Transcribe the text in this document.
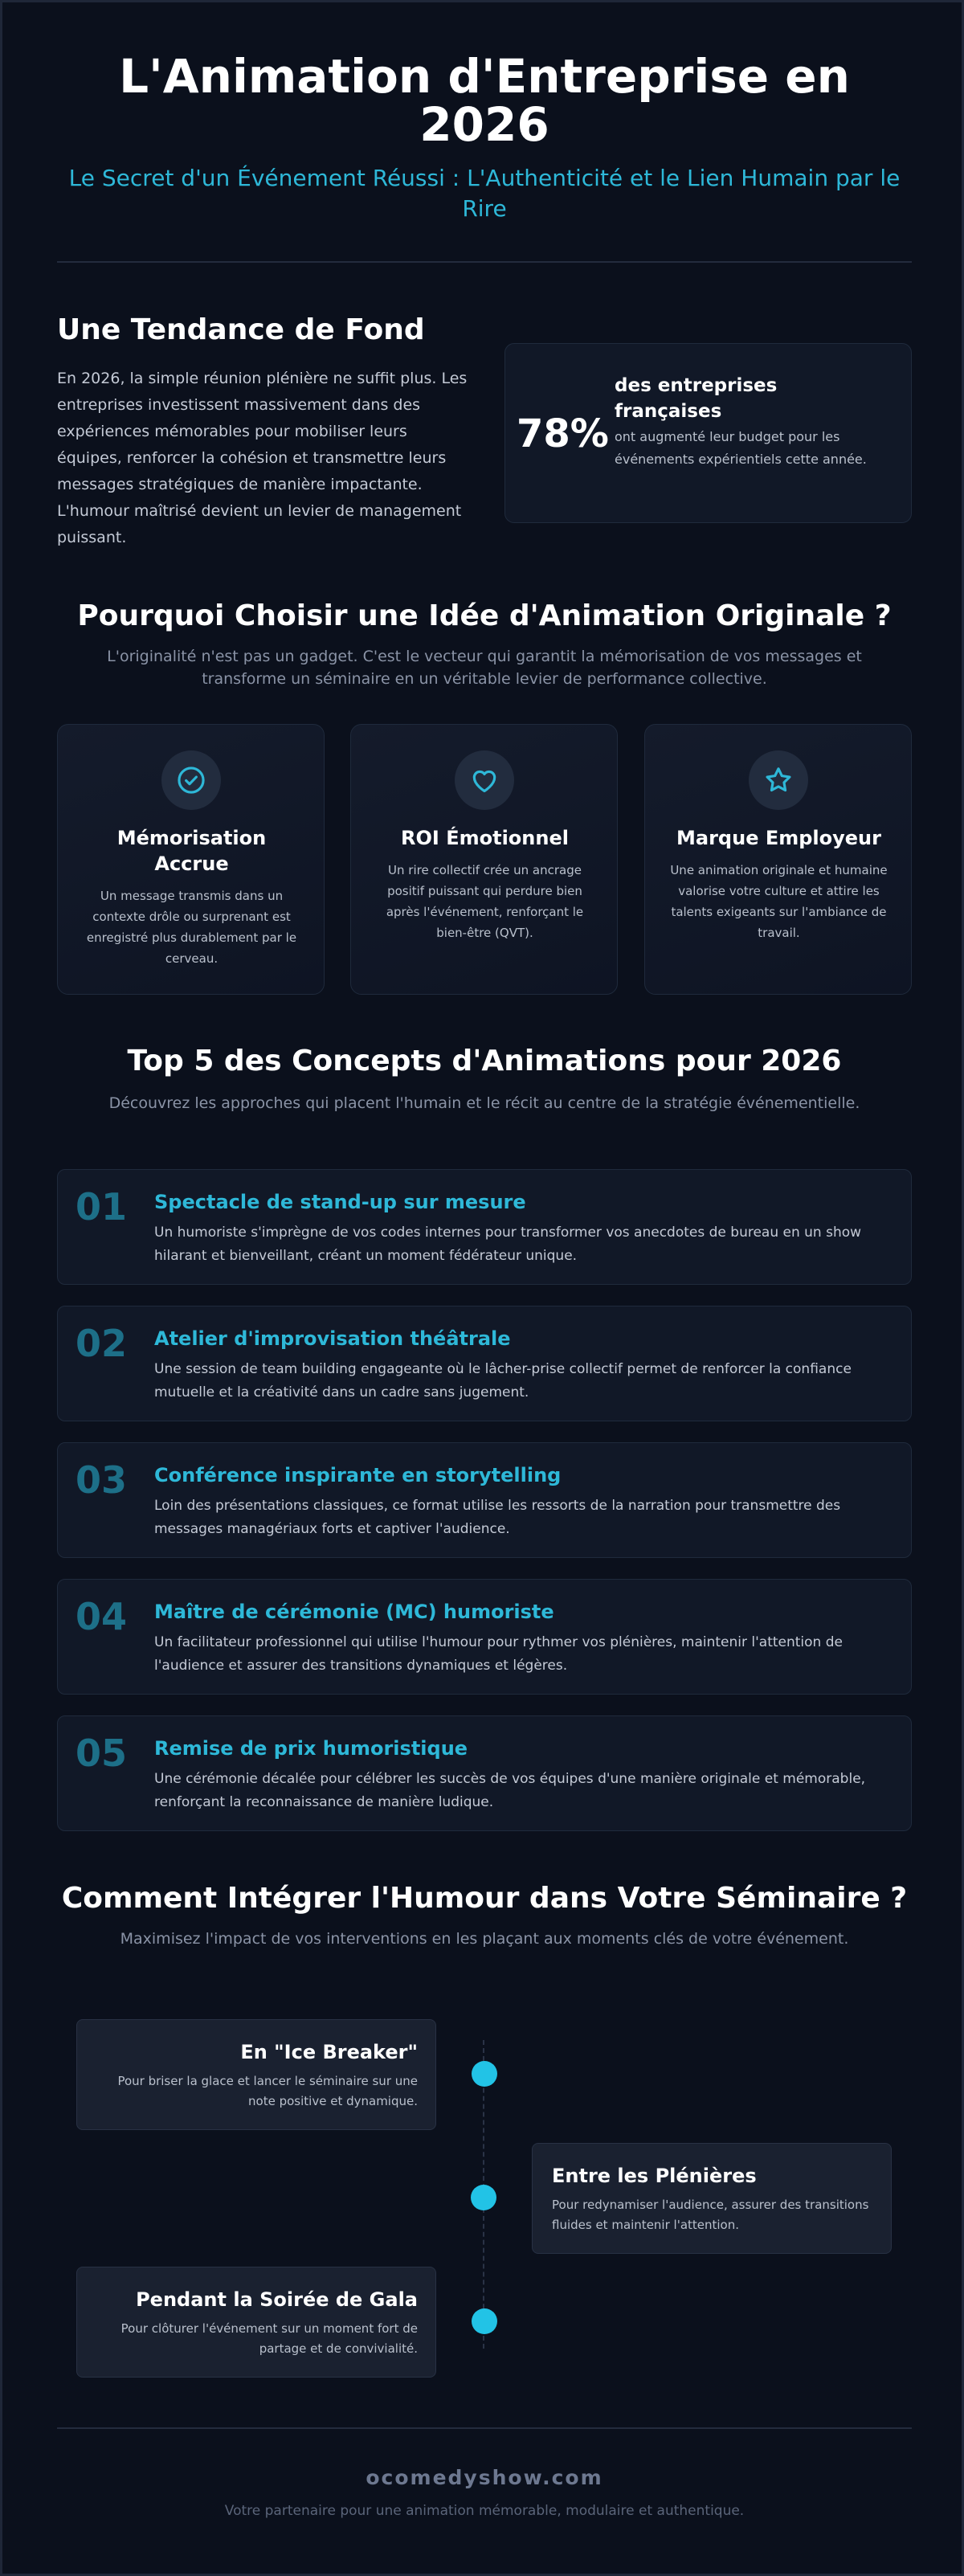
L'Animation d'Entreprise en 2026

Le Secret d'un Événement Réussi : L'Authenticité et le Lien Humain par le Rire

Une Tendance de Fond

En 2026, la simple réunion plénière ne suffit plus. Les entreprises investissent massivement dans des expériences mémorables pour mobiliser leurs équipes, renforcer la cohésion et transmettre leurs messages stratégiques de manière impactante. L'humour maîtrisé devient un levier de management puissant.

78%
des entreprises françaises
ont augmenté leur budget pour les événements expérientiels cette année.
Pourquoi Choisir une Idée d'Animation Originale ?

L'originalité n'est pas un gadget. C'est le vecteur qui garantit la mémorisation de vos messages et transforme un séminaire en un véritable levier de performance collective.

Mémorisation Accrue
Un message transmis dans un contexte drôle ou surprenant est enregistré plus durablement par le cerveau.
ROI Émotionnel
Un rire collectif crée un ancrage positif puissant qui perdure bien après l'événement, renforçant le bien-être (QVT).
Marque Employeur
Une animation originale et humaine valorise votre culture et attire les talents exigeants sur l'ambiance de travail.
Top 5 des Concepts d'Animations pour 2026

Découvrez les approches qui placent l'humain et le récit au centre de la stratégie événementielle.

01 Spectacle de stand-up sur mesure
Un humoriste s'imprègne de vos codes internes pour transformer vos anecdotes de bureau en un show hilarant et bienveillant, créant un moment fédérateur unique.
02 Atelier d'improvisation théâtrale
Une session de team building engageante où le lâcher-prise collectif permet de renforcer la confiance mutuelle et la créativité dans un cadre sans jugement.
03 Conférence inspirante en storytelling
Loin des présentations classiques, ce format utilise les ressorts de la narration pour transmettre des messages managériaux forts et captiver l'audience.
04 Maître de cérémonie (MC) humoriste
Un facilitateur professionnel qui utilise l'humour pour rythmer vos plénières, maintenir l'attention de l'audience et assurer des transitions dynamiques et légères.
05 Remise de prix humoristique
Une cérémonie décalée pour célébrer les succès de vos équipes d'une manière originale et mémorable, renforçant la reconnaissance de manière ludique.
Comment Intégrer l'Humour dans Votre Séminaire ?

Maximisez l'impact de vos interventions en les plaçant aux moments clés de votre événement.

En "Ice Breaker"
Pour briser la glace et lancer le séminaire sur une note positive et dynamique.
Entre les Plénières
Pour redynamiser l'audience, assurer des transitions fluides et maintenir l'attention.
Pendant la Soirée de Gala
Pour clôturer l'événement sur un moment fort de partage et de convivialité.
ocomedyshow.com
Votre partenaire pour une animation mémorable, modulaire et authentique.
